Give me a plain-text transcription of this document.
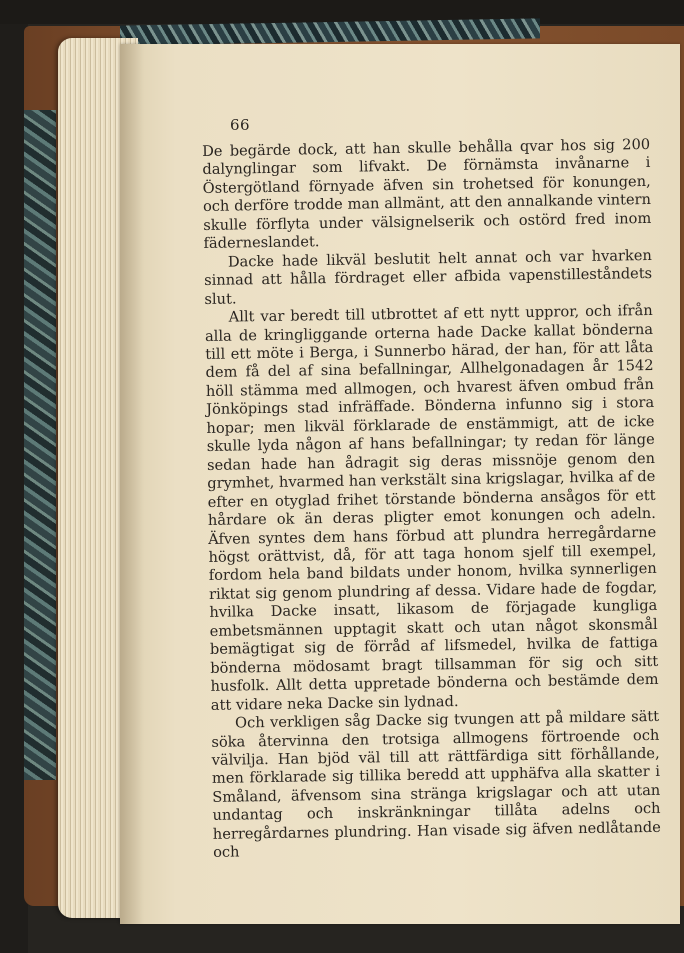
66

De begärde dock, att han skulle behålla qvar hos sig 200 dalynglingar som lifvakt. De förnämsta invånarne i Östergötland förnyade äfven sin trohetsed för konungen, och derföre trodde man allmänt, att den annalkande vintern skulle förflyta under välsignelserik och ostörd fred inom fäderneslandet.

Dacke hade likväl beslutit helt annat och var hvarken sinnad att hålla fördraget eller afbida vapenstilleståndets slut.

Allt var beredt till utbrottet af ett nytt uppror, och ifrån alla de kringliggande orterna hade Dacke kallat bönderna till ett möte i Berga, i Sunnerbo härad, der han, för att låta dem få del af sina befallningar, Allhelgonadagen år 1542 höll stämma med allmogen, och hvarest äfven ombud från Jönköpings stad infräffade. Bönderna infunno sig i stora hopar; men likväl förklarade de enstämmigt, att de icke skulle lyda någon af hans befallningar; ty redan för länge sedan hade han ådragit sig deras missnöje genom den grymhet, hvarmed han verkstält sina krigslagar, hvilka af de efter en otyglad frihet törstande bönderna ansågos för ett hårdare ok än deras pligter emot konungen och adeln. Äfven syntes dem hans förbud att plundra herregårdarne högst orättvist, då, för att taga honom sjelf till exempel, fordom hela band bildats under honom, hvilka synnerligen riktat sig genom plundring af dessa. Vidare hade de fogdar, hvilka Dacke insatt, likasom de förjagade kungliga embetsmännen upptagit skatt och utan något skonsmål bemägtigat sig de förråd af lifsmedel, hvilka de fattiga bönderna mödosamt bragt tillsamman för sig och sitt husfolk. Allt detta uppretade bönderna och bestämde dem att vidare neka Dacke sin lydnad.

Och verkligen såg Dacke sig tvungen att på mildare sätt söka återvinna den trotsiga allmogens förtroende och välvilja. Han bjöd väl till att rättfärdiga sitt förhållande, men förklarade sig tillika beredd att upphäfva alla skatter i Småland, äfvensom sina stränga krigslagar och att utan undantag och inskränkningar tillåta adelns och herregårdarnes plundring. Han visade sig äfven nedlåtande och
